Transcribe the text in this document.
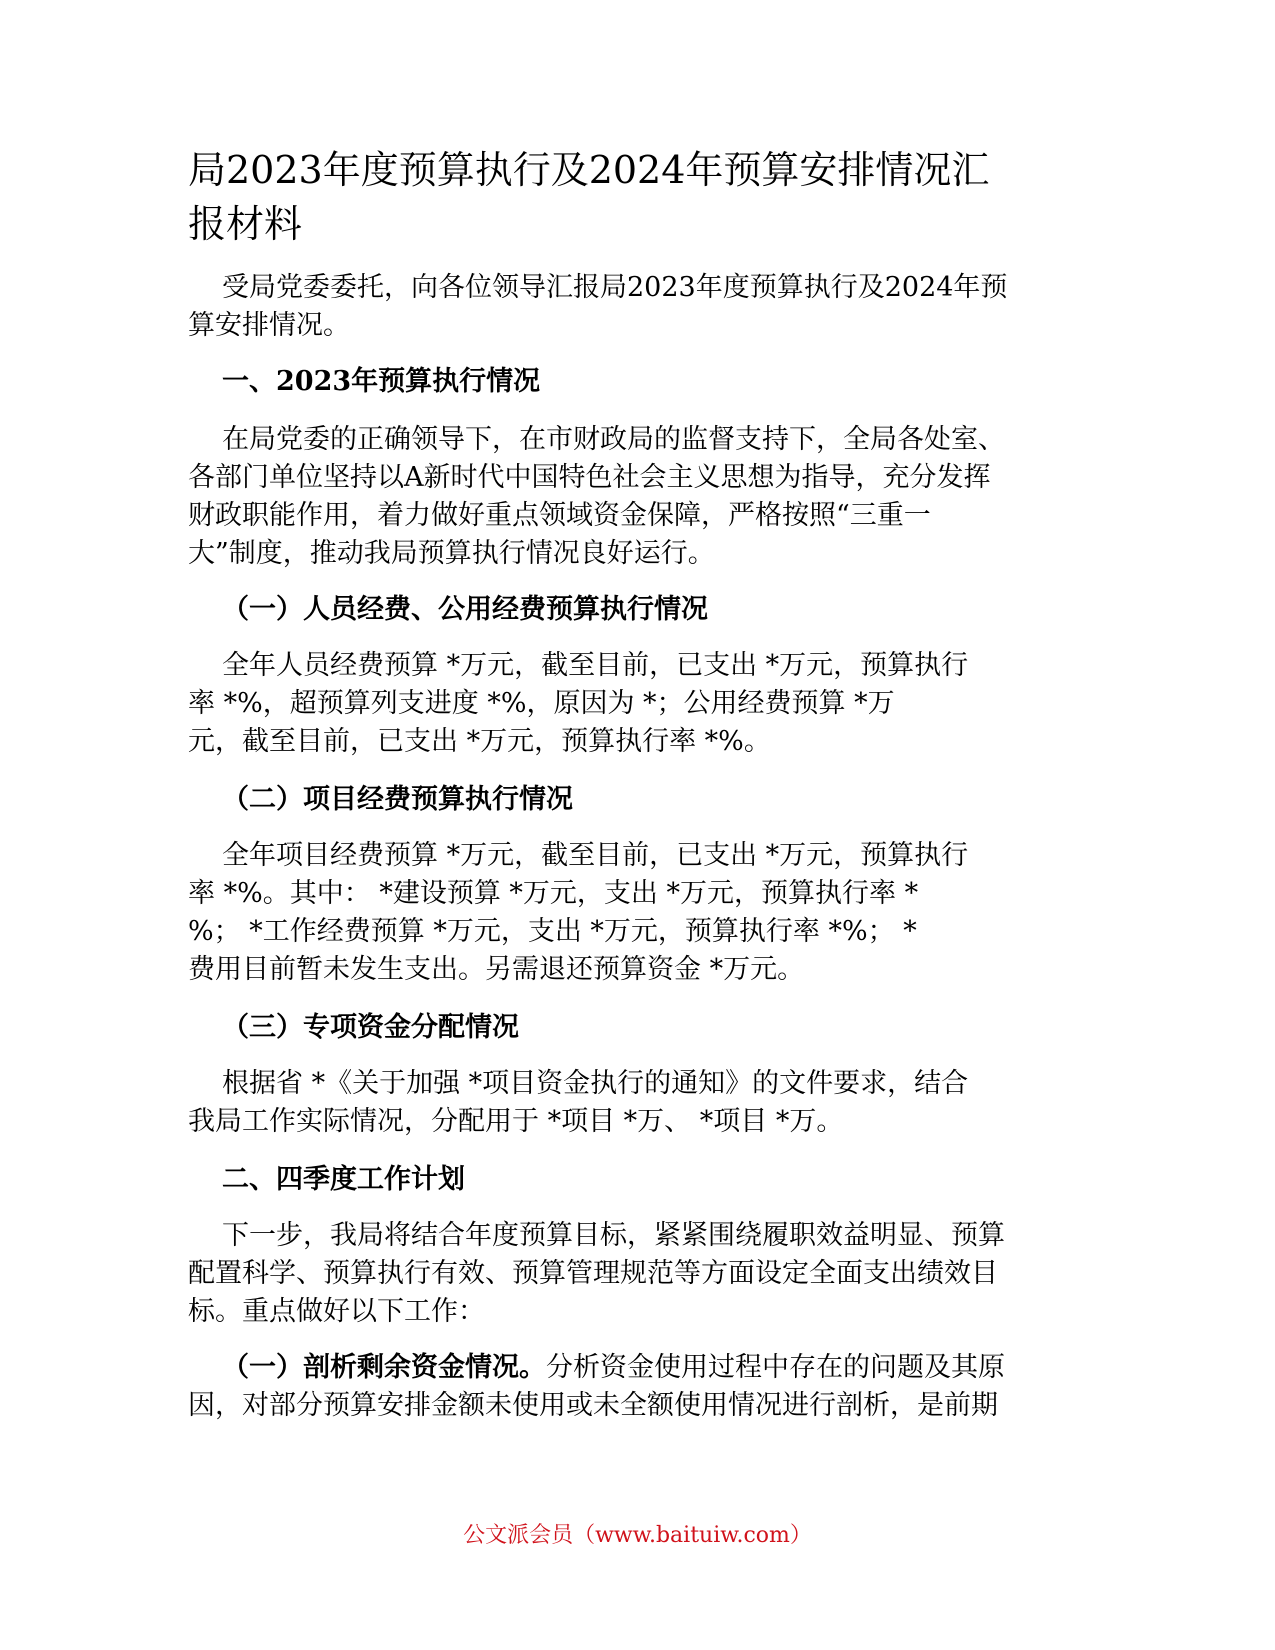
局2023年度预算执行及2024年预算安排情况汇
报材料
受局党委委托，向各位领导汇报局2023年度预算执行及2024年预
算安排情况。
一、2023年预算执行情况
在局党委的正确领导下，在市财政局的监督支持下，全局各处室、
各部门单位坚持以A新时代中国特色社会主义思想为指导，充分发挥
财政职能作用，着力做好重点领域资金保障，严格按照“三重一
大”制度，推动我局预算执行情况良好运行。
（一）人员经费、公用经费预算执行情况
全年人员经费预算 *万元，截至目前，已支出 *万元，预算执行
率 *%，超预算列支进度 *%，原因为 *；公用经费预算 *万
元，截至目前，已支出 *万元，预算执行率 *%。
（二）项目经费预算执行情况
全年项目经费预算 *万元，截至目前，已支出 *万元，预算执行
率 *%。其中： *建设预算 *万元，支出 *万元，预算执行率 *
%； *工作经费预算 *万元，支出 *万元，预算执行率 *%； *
费用目前暂未发生支出。另需退还预算资金 *万元。
（三）专项资金分配情况
根据省 *《关于加强 *项目资金执行的通知》的文件要求，结合
我局工作实际情况，分配用于 *项目 *万、 *项目 *万。
二、四季度工作计划
下一步，我局将结合年度预算目标，紧紧围绕履职效益明显、预算
配置科学、预算执行有效、预算管理规范等方面设定全面支出绩效目
标。重点做好以下工作：
（一）剖析剩余资金情况。分析资金使用过程中存在的问题及其原
因，对部分预算安排金额未使用或未全额使用情况进行剖析，是前期
公文派会员（www.baituiw.com）
